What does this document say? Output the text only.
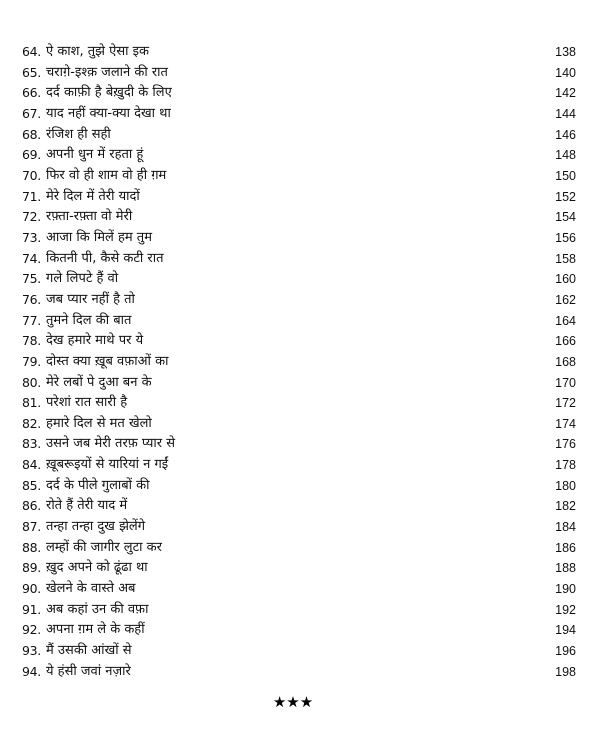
64. ऐ काश, तुझे ऐसा इक	138
65. चराग़े-इश्क़ जलाने की रात	140
66. दर्द काफ़ी है बेख़ुदी के लिए	142
67. याद नहीं क्या-क्या देखा था	144
68. रंजिश ही सही	146
69. अपनी धुन में रहता हूं	148
70. फिर वो ही शाम वो ही ग़म	150
71. मेरे दिल में तेरी यादों	152
72. रफ़्ता-रफ़्ता वो मेरी	154
73. आजा कि मिलें हम तुम	156
74. कितनी पी, कैसे कटी रात	158
75. गले लिपटे हैं वो	160
76. जब प्यार नहीं है तो	162
77. तुमने दिल की बात	164
78. देख हमारे माथे पर ये	166
79. दोस्त क्या ख़ूब वफ़ाओं का	168
80. मेरे लबों पे दुआ बन के	170
81. परेशां रात सारी है	172
82. हमारे दिल से मत खेलो	174
83. उसने जब मेरी तरफ़ प्यार से	176
84. ख़ूबरूइयों से यारियां न गईं	178
85. दर्द के पीले गुलाबों की	180
86. रोते हैं तेरी याद में	182
87. तन्हा तन्हा दुख झेलेंगे	184
88. लम्हों की जागीर लुटा कर	186
89. ख़ुद अपने को ढूंढा था	188
90. खेलने के वास्ते अब	190
91. अब कहां उन की वफ़ा	192
92. अपना ग़म ले के कहीं	194
93. मैं उसकी आंखों से	196
94. ये हंसी जवां नज़ारे	198
★★★
